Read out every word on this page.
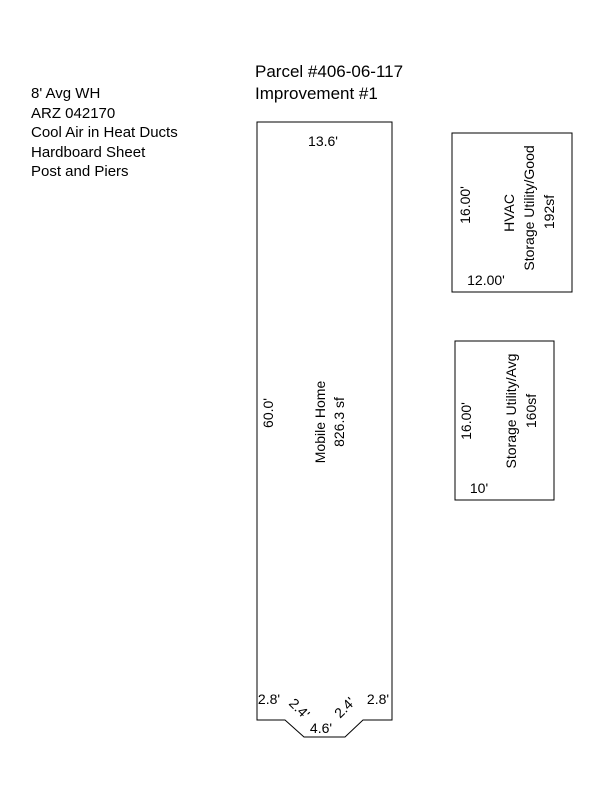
8' Avg WH
ARZ 042170
Cool Air in Heat Ducts
Hardboard Sheet
Post and Piers
Parcel #406-06-117
Improvement #1
13.6'
60.0'	Mobile Home 826.3 sf
2.8'	2.8'
2.4' 2.4'
4.6'
16.00' HVAC Storage Utility/Good 192sf
12.00'
16.00' Storage Utility/Avg 160sf
10'
